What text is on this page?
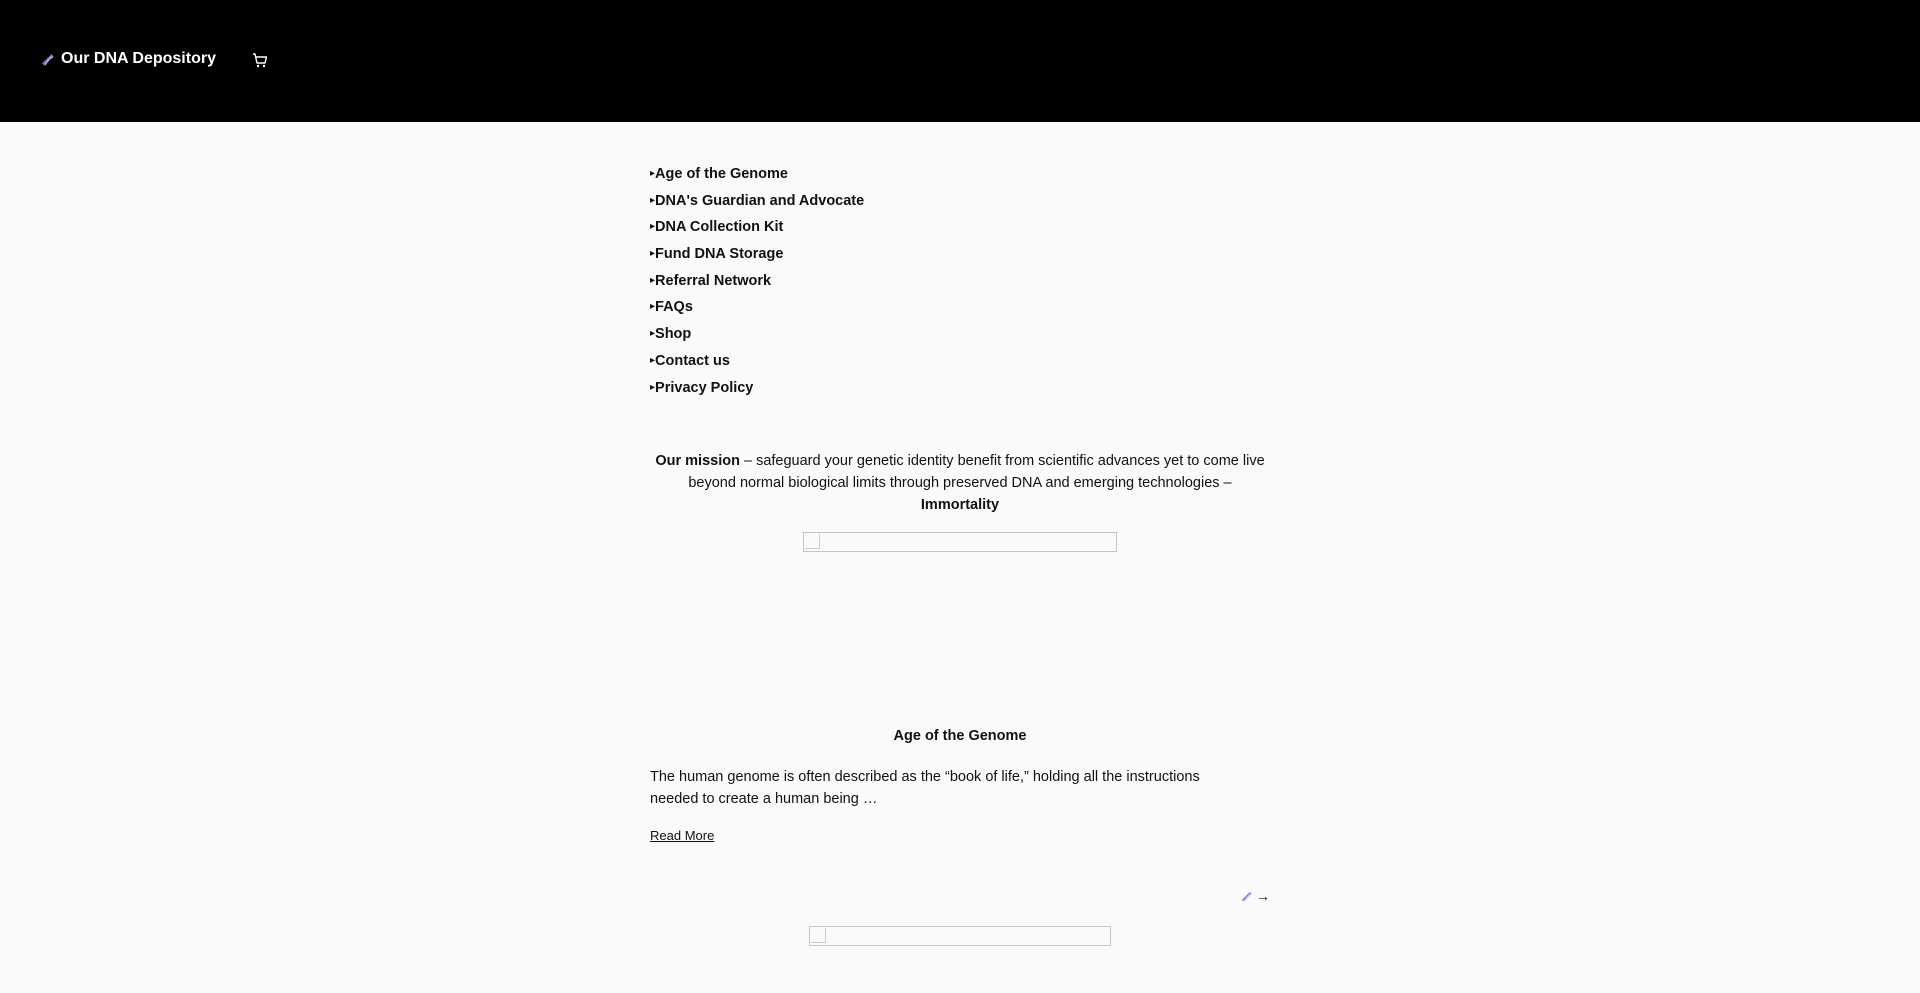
Our DNA Depository
▸ Age of the Genome
▸ DNA's Guardian and Advocate
▸ DNA Collection Kit
▸ Fund DNA Storage
▸ Referral Network
▸ FAQs
▸ Shop
▸ Contact us
▸ Privacy Policy

Our mission – safeguard your genetic identity benefit from scientific advances yet to come live beyond normal biological limits through preserved DNA and emerging technologies –
Immortality

Age of the Genome
The human genome is often described as the “book of life,” holding all the instructions needed to create a human being …
Read More
→
